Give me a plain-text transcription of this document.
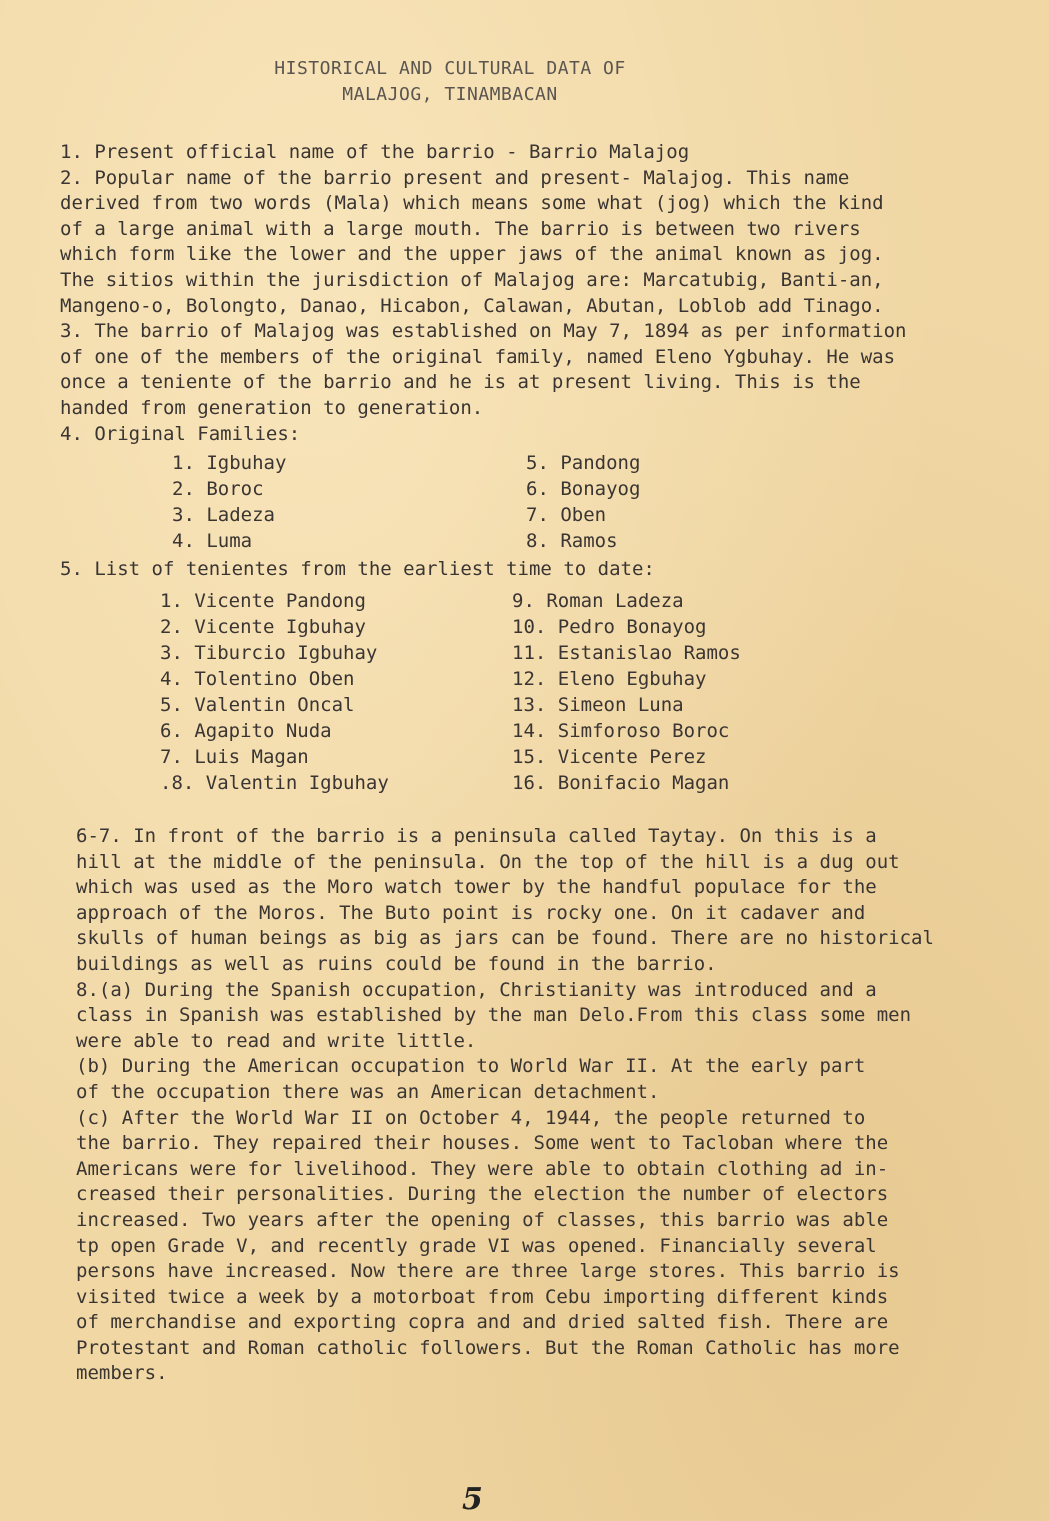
HISTORICAL AND CULTURAL DATA OF
MALAJOG, TINAMBACAN
1. Present official name of the barrio - Barrio Malajog
2. Popular name of the barrio present and present- Malajog. This name
derived from two words (Mala) which means some what (jog) which the kind
of a large animal with a large mouth. The barrio is between two rivers
which form like the lower and the upper jaws of the animal known as jog.
The sitios within the jurisdiction of Malajog are: Marcatubig, Banti-an,
Mangeno-o, Bolongto, Danao, Hicabon, Calawan, Abutan, Loblob add Tinago.
3. The barrio of Malajog was established on May 7, 1894 as per information
of one of the members of the original family, named Eleno Ygbuhay. He was
once a teniente of the barrio and he is at present living. This is the
handed from generation to generation.
4. Original Families:
1. Igbuhay
2. Boroc
3. Ladeza
4. Luma
5. Pandong
6. Bonayog
7. Oben
8. Ramos
5. List of tenientes from the earliest time to date:
1. Vicente Pandong
2. Vicente Igbuhay
3. Tiburcio Igbuhay
4. Tolentino Oben
5. Valentin Oncal
6. Agapito Nuda
7. Luis Magan
.8. Valentin Igbuhay
9. Roman Ladeza
10. Pedro Bonayog
11. Estanislao Ramos
12. Eleno Egbuhay
13. Simeon Luna
14. Simforoso Boroc
15. Vicente Perez
16. Bonifacio Magan
6-7. In front of the barrio is a peninsula called Taytay. On this is a
hill at the middle of the peninsula. On the top of the hill is a dug out
which was used as the Moro watch tower by the handful populace for the
approach of the Moros. The Buto point is rocky one. On it cadaver and
skulls of human beings as big as jars can be found. There are no historical
buildings as well as ruins could be found in the barrio.
8.(a) During the Spanish occupation, Christianity was introduced and a
class in Spanish was established by the man Delo.From this class some men
were able to read and write little.
(b) During the American occupation to World War II. At the early part
of the occupation there was an American detachment.
(c) After the World War II on October 4, 1944, the people returned to
the barrio. They repaired their houses. Some went to Tacloban where the
Americans were for livelihood. They were able to obtain clothing ad in-
creased their personalities. During the election the number of electors
increased. Two years after the opening of classes, this barrio was able
tp open Grade V, and recently grade VI was opened. Financially several
persons have increased. Now there are three large stores. This barrio is
visited twice a week by a motorboat from Cebu importing different kinds
of merchandise and exporting copra and and dried salted fish. There are
Protestant and Roman catholic followers. But the Roman Catholic has more
members.
5
